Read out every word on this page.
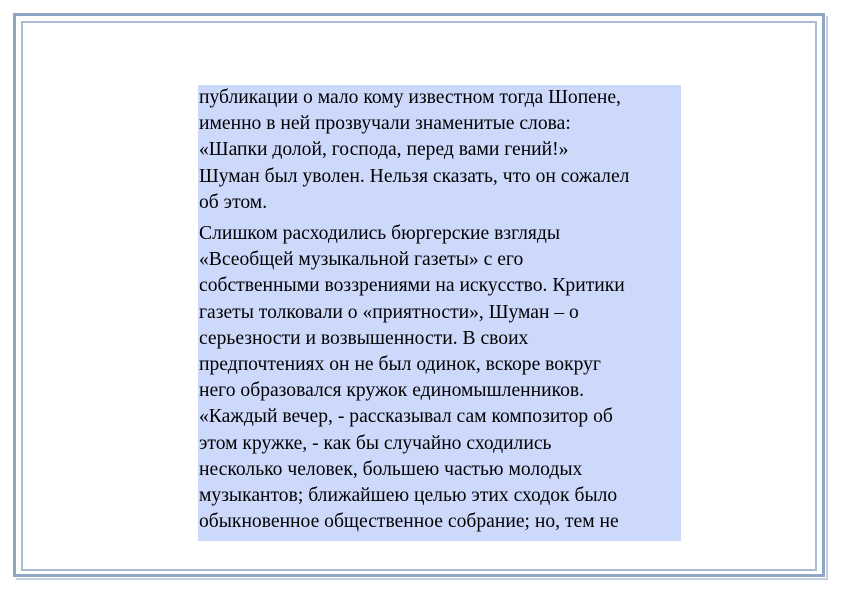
публикации о мало кому известном тогда Шопене,
именно в ней прозвучали знаменитые слова:
«Шапки долой, господа, перед вами гений!»
Шуман был уволен. Нельзя сказать, что он сожалел
об этом.

Слишком расходились бюргерские взгляды
«Всеобщей музыкальной газеты» с его
собственными воззрениями на искусство. Критики
газеты толковали о «приятности», Шуман – о
серьезности и возвышенности. В своих
предпочтениях он не был одинок, вскоре вокруг
него образовался кружок единомышленников.
«Каждый вечер, - рассказывал сам композитор об
этом кружке, - как бы случайно сходились
несколько человек, большею частью молодых
музыкантов; ближайшею целью этих сходок было
обыкновенное общественное собрание; но, тем не
